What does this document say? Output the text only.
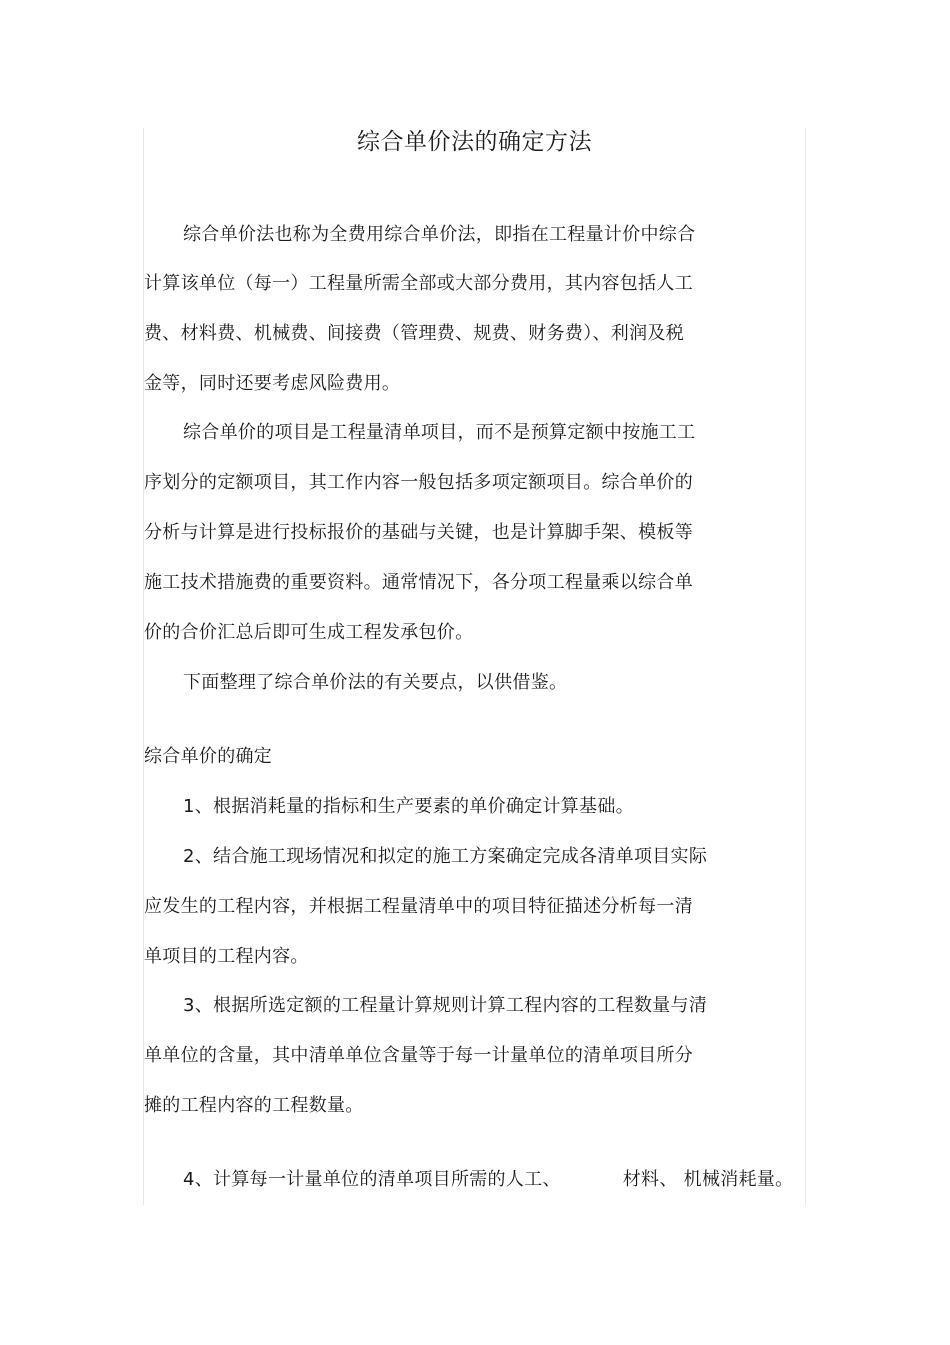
综合单价法的确定方法
综合单价法也称为全费用综合单价法，即指在工程量计价中综合
计算该单位（每一）工程量所需全部或大部分费用，其内容包括人工
费、材料费、机械费、间接费（管理费、规费、财务费）、利润及税
金等，同时还要考虑风险费用。
综合单价的项目是工程量清单项目，而不是预算定额中按施工工
序划分的定额项目，其工作内容一般包括多项定额项目。综合单价的
分析与计算是进行投标报价的基础与关键，也是计算脚手架、模板等
施工技术措施费的重要资料。通常情况下，各分项工程量乘以综合单
价的合价汇总后即可生成工程发承包价。
下面整理了综合单价法的有关要点，以供借鉴。
综合单价的确定
1、根据消耗量的指标和生产要素的单价确定计算基础。
2、结合施工现场情况和拟定的施工方案确定完成各清单项目实际
应发生的工程内容，并根据工程量清单中的项目特征描述分析每一清
单项目的工程内容。
3、根据所选定额的工程量计算规则计算工程内容的工程数量与清
单单位的含量，其中清单单位含量等于每一计量单位的清单项目所分
摊的工程内容的工程数量。
4、计算每一计量单位的清单项目所需的人工、	材料、 机械消耗量。
